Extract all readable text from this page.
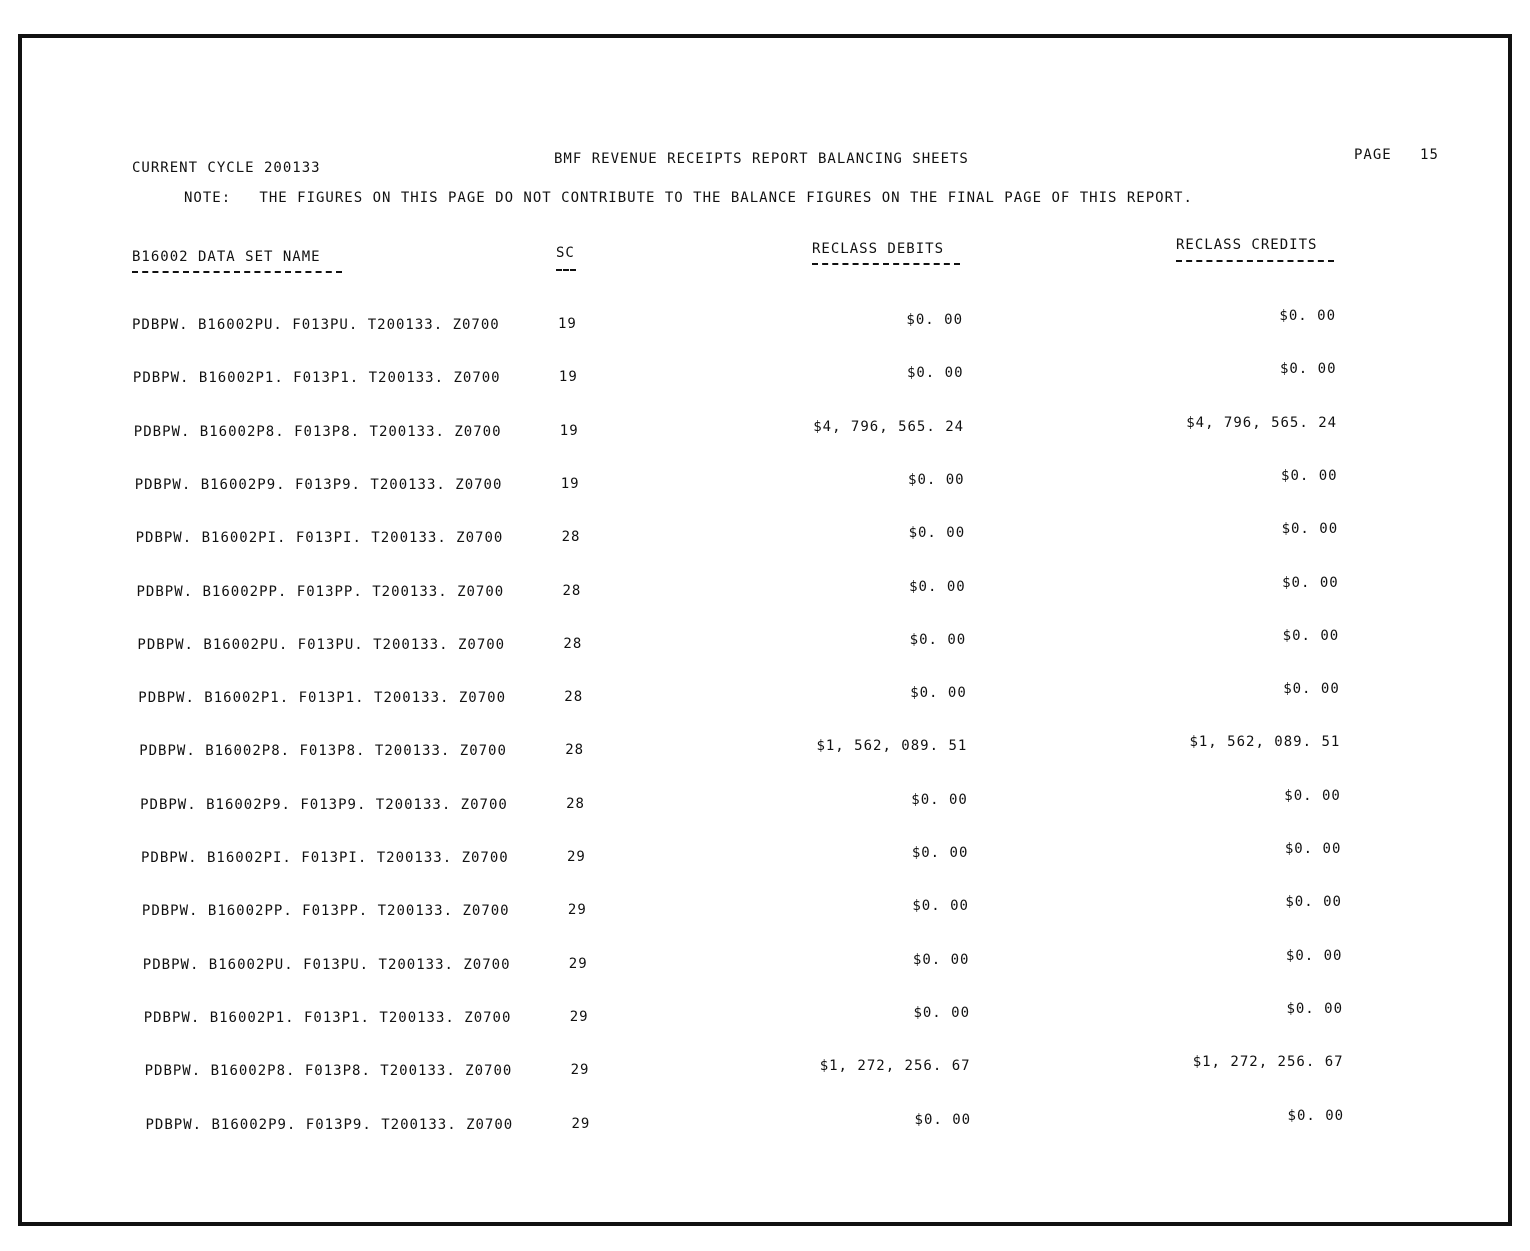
CURRENT CYCLE 200133
BMF REVENUE RECEIPTS REPORT BALANCING SHEETS	PAGE 15
NOTE:   THE FIGURES ON THIS PAGE DO NOT CONTRIBUTE TO THE BALANCE FIGURES ON THE FINAL PAGE OF THIS REPORT.
B16002 DATA SET NAME	SC	RECLASS DEBITS	RECLASS CREDITS
PDBPW. B16002PU. F013PU. T200133. Z0700	19	$0. 00	$0. 00
PDBPW. B16002P1. F013P1. T200133. Z0700	19	$0. 00	$0. 00
PDBPW. B16002P8. F013P8. T200133. Z0700	19	$4, 796, 565. 24	$4, 796, 565. 24
PDBPW. B16002P9. F013P9. T200133. Z0700	19	$0. 00	$0. 00
PDBPW. B16002PI. F013PI. T200133. Z0700	28	$0. 00	$0. 00
PDBPW. B16002PP. F013PP. T200133. Z0700	28	$0. 00	$0. 00
PDBPW. B16002PU. F013PU. T200133. Z0700	28	$0. 00	$0. 00
PDBPW. B16002P1. F013P1. T200133. Z0700	28	$0. 00	$0. 00
PDBPW. B16002P8. F013P8. T200133. Z0700	28	$1, 562, 089. 51	$1, 562, 089. 51
PDBPW. B16002P9. F013P9. T200133. Z0700	28	$0. 00	$0. 00
PDBPW. B16002PI. F013PI. T200133. Z0700	29	$0. 00	$0. 00
PDBPW. B16002PP. F013PP. T200133. Z0700	29	$0. 00	$0. 00
PDBPW. B16002PU. F013PU. T200133. Z0700	29	$0. 00	$0. 00
PDBPW. B16002P1. F013P1. T200133. Z0700	29	$0. 00	$0. 00
PDBPW. B16002P8. F013P8. T200133. Z0700	29	$1, 272, 256. 67	$1, 272, 256. 67
PDBPW. B16002P9. F013P9. T200133. Z0700	29	$0. 00	$0. 00
